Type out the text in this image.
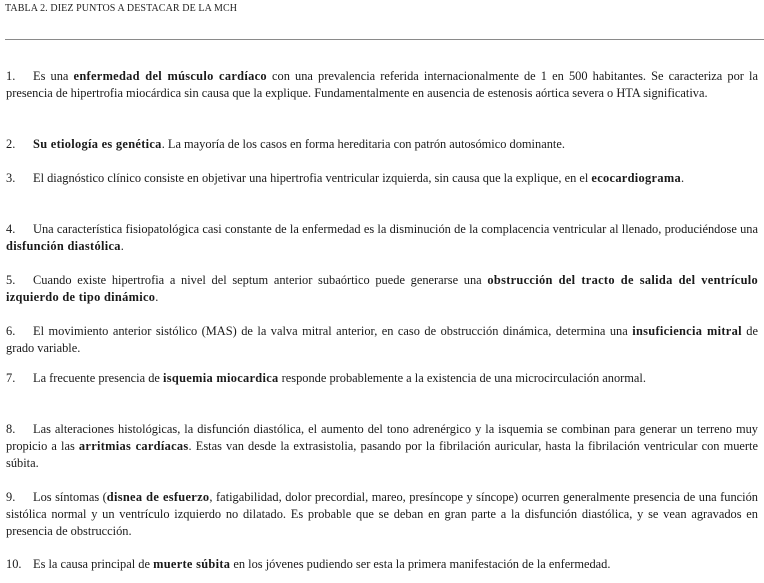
TABLA 2. DIEZ PUNTOS A DESTACAR DE LA MCH

1. Es una enfermedad del músculo cardíaco con una prevalencia referida internacionalmente de 1 en 500 habitantes. Se caracteriza por la presencia de hipertrofia miocárdica sin causa que la explique. Fundamentalmente en ausencia de estenosis aórtica severa o HTA significativa.

2. Su etiología es genética. La mayoría de los casos en forma hereditaria con patrón autosómico dominante.

3. El diagnóstico clínico consiste en objetivar una hipertrofia ventricular izquierda, sin causa que la explique, en el ecocardiograma.

4. Una característica fisiopatológica casi constante de la enfermedad es la disminución de la complacencia ventricular al llenado, produciéndose una disfunción diastólica.

5. Cuando existe hipertrofia a nivel del septum anterior subaórtico puede generarse una obstrucción del tracto de salida del ventrículo izquierdo de tipo dinámico.

6. El movimiento anterior sistólico (MAS) de la valva mitral anterior, en caso de obstrucción dinámica, determina una insuficiencia mitral de grado variable.

7. La frecuente presencia de isquemia miocardica responde probablemente a la existencia de una microcirculación anormal.

8. Las alteraciones histológicas, la disfunción diastólica, el aumento del tono adrenérgico y la isquemia se combinan para generar un terreno muy propicio a las arritmias cardíacas. Estas van desde la extrasistolia, pasando por la fibrilación auricular, hasta la fibrilación ventricular con muerte súbita.

9. Los síntomas (disnea de esfuerzo, fatigabilidad, dolor precordial, mareo, presíncope y síncope) ocurren generalmente presencia de una función sistólica normal y un ventrículo izquierdo no dilatado. Es probable que se deban en gran parte a la disfunción diastólica, y se vean agravados en presencia de obstrucción.

10. Es la causa principal de muerte súbita en los jóvenes pudiendo ser esta la primera manifestación de la enfermedad.
